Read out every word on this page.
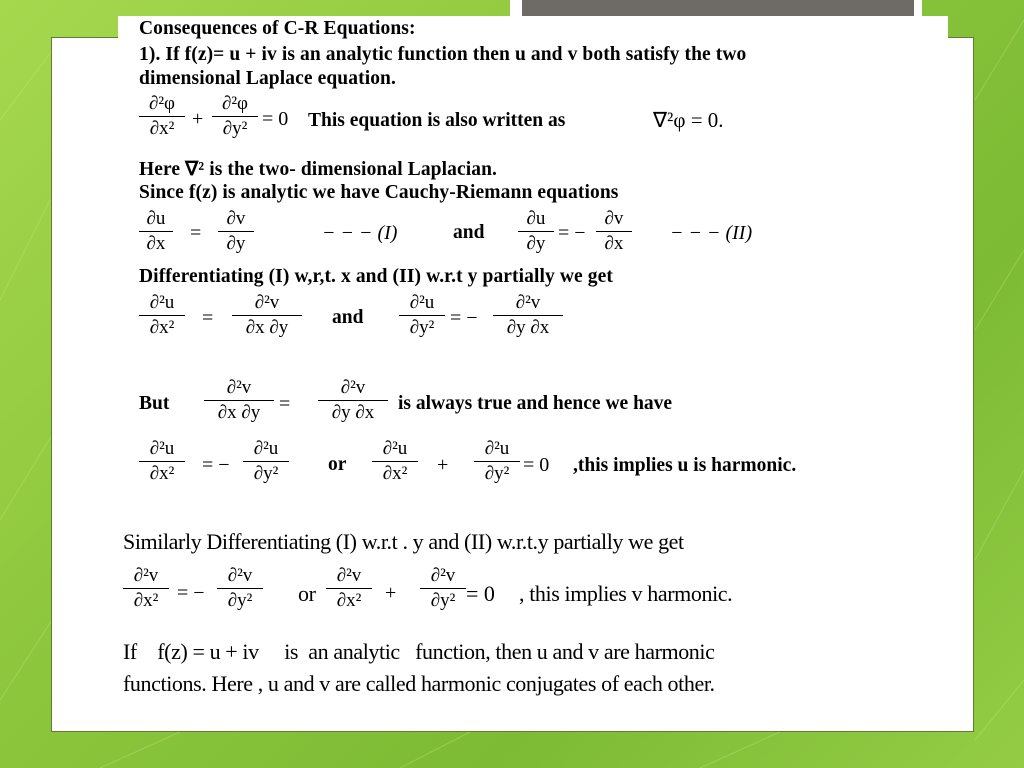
Consequences of C-R Equations:
1). If f(z)= u + iv is an analytic function then u and v both satisfy the two
dimensional Laplace equation.
∂²φ
∂x² +
∂²φ
∂y² = 0 This equation is also written as	∇²φ = 0.
Here ∇² is the two- dimensional Laplacian.
Since f(z) is analytic we have Cauchy-Riemann equations
∂u
∂x	=
∂v
∂y	− − − (I)	and
∂u
∂y = −
∂v
∂x	− − − (II)
Differentiating (I) w,r,t. x and (II) w.r.t y partially we get
∂²u
∂x²	=
∂²v
∂x ∂y	and
∂²u
∂y² = −
∂²v
∂y ∂x
But
∂²v
∂x ∂y =
∂²v
∂y ∂x	is always true and hence we have
∂²u
∂x²	= −
∂²u
∂y²	or
∂²u
∂x²	+
∂²u
∂y² = 0 ,this implies u is harmonic.
Similarly Differentiating (I) w.r.t . y and (II) w.r.t.y partially we get
∂²v
∂x² = −
∂²v
∂y²	or
∂²v
∂x²	+
∂²v
∂y² = 0 , this implies v harmonic.
If    f(z) = u + iv     is  an analytic   function, then u and v are harmonic
functions. Here , u and v are called harmonic conjugates of each other.
